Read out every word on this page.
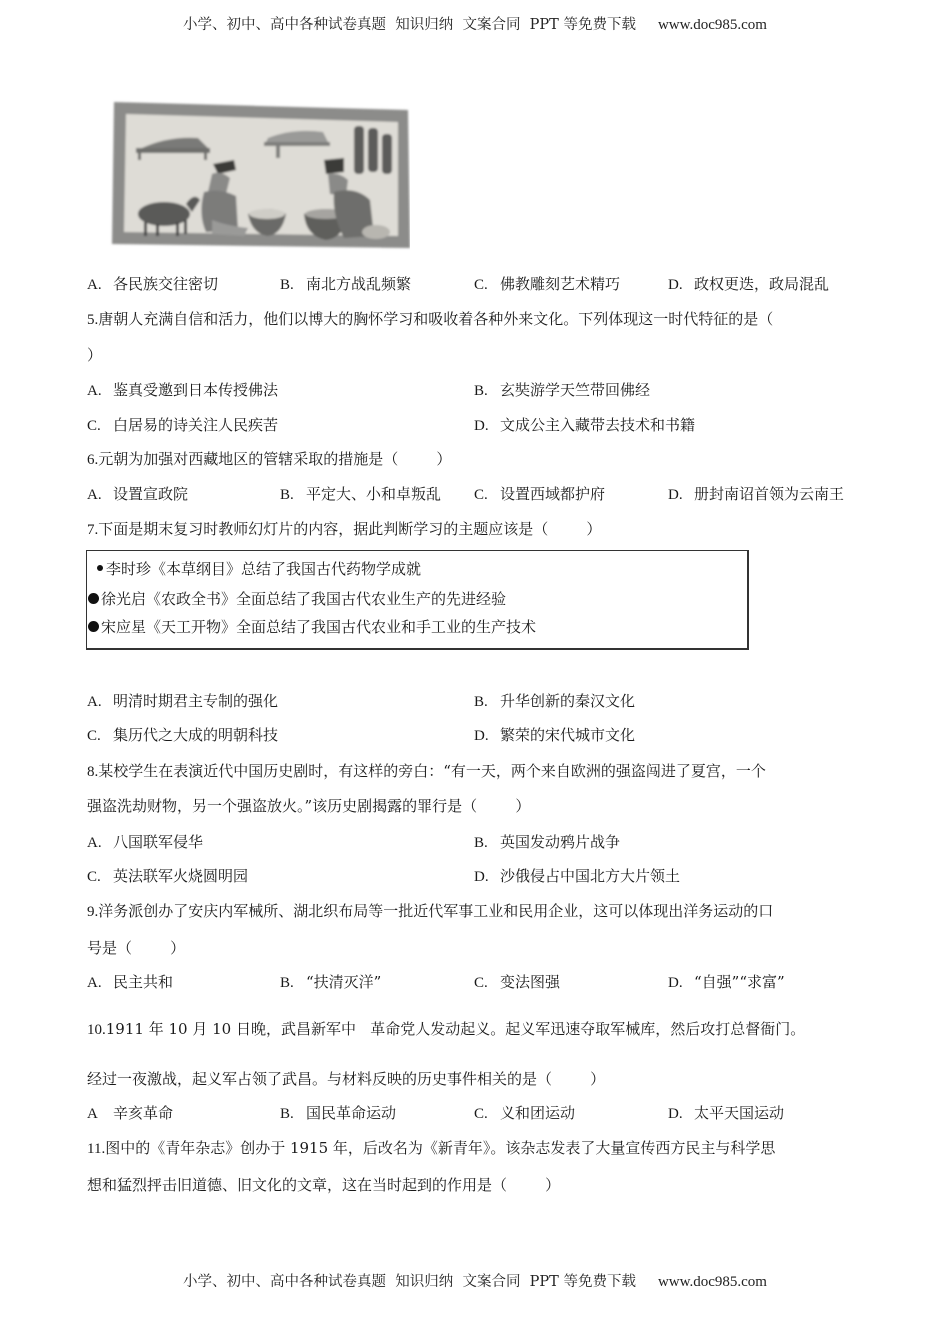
小学、初中、高中各种试卷真题  知识归纳  文案合同  PPT 等免费下载 www.doc985.com
A. 各民族交往密切	B. 南北方战乱频繁	C. 佛教雕刻艺术精巧	D. 政权更迭，政局混乱
5.唐朝人充满自信和活力，他们以博大的胸怀学习和吸收着各种外来文化。下列体现这一时代特征的是（
）
A. 鉴真受邀到日本传授佛法	B. 玄奘游学天竺带回佛经
C. 白居易的诗关注人民疾苦	D. 文成公主入藏带去技术和书籍
6.元朝为加强对西藏地区的管辖采取的措施是（        ）
A. 设置宣政院	B. 平定大、小和卓叛乱 C. 设置西域都护府	D. 册封南诏首领为云南王
7.下面是期末复习时教师幻灯片的内容，据此判断学习的主题应该是（        ）
李时珍《本草纲目》总结了我国古代药物学成就
徐光启《农政全书》全面总结了我国古代农业生产的先进经验
宋应星《天工开物》全面总结了我国古代农业和手工业的生产技术
A. 明清时期君主专制的强化	B. 升华创新的秦汉文化
C. 集历代之大成的明朝科技	D. 繁荣的宋代城市文化
8.某校学生在表演近代中国历史剧时，有这样的旁白：“有一天，两个来自欧洲的强盗闯进了夏宫，一个
强盗洗劫财物，另一个强盗放火。”该历史剧揭露的罪行是（        ）
A. 八国联军侵华	B. 英国发动鸦片战争
C. 英法联军火烧圆明园	D. 沙俄侵占中国北方大片领土
9.洋务派创办了安庆内军械所、湖北织布局等一批近代军事工业和民用企业，这可以体现出洋务运动的口
号是（        ）
A. 民主共和	B. “扶清灭洋”	C. 变法图强	D. “自强”“求富”
10.1911 年 10 月 10 日晚，武昌新军中   革命党人发动起义。起义军迅速夺取军械库，然后攻打总督衙门。
经过一夜激战，起义军占领了武昌。与材料反映的历史事件相关的是（        ）
A 辛亥革命	B. 国民革命运动	C. 义和团运动	D. 太平天国运动
11.图中的《青年杂志》创办于 1915 年，后改名为《新青年》。该杂志发表了大量宣传西方民主与科学思
想和猛烈抨击旧道德、旧文化的文章，这在当时起到的作用是（        ）
小学、初中、高中各种试卷真题  知识归纳  文案合同  PPT 等免费下载 www.doc985.com
